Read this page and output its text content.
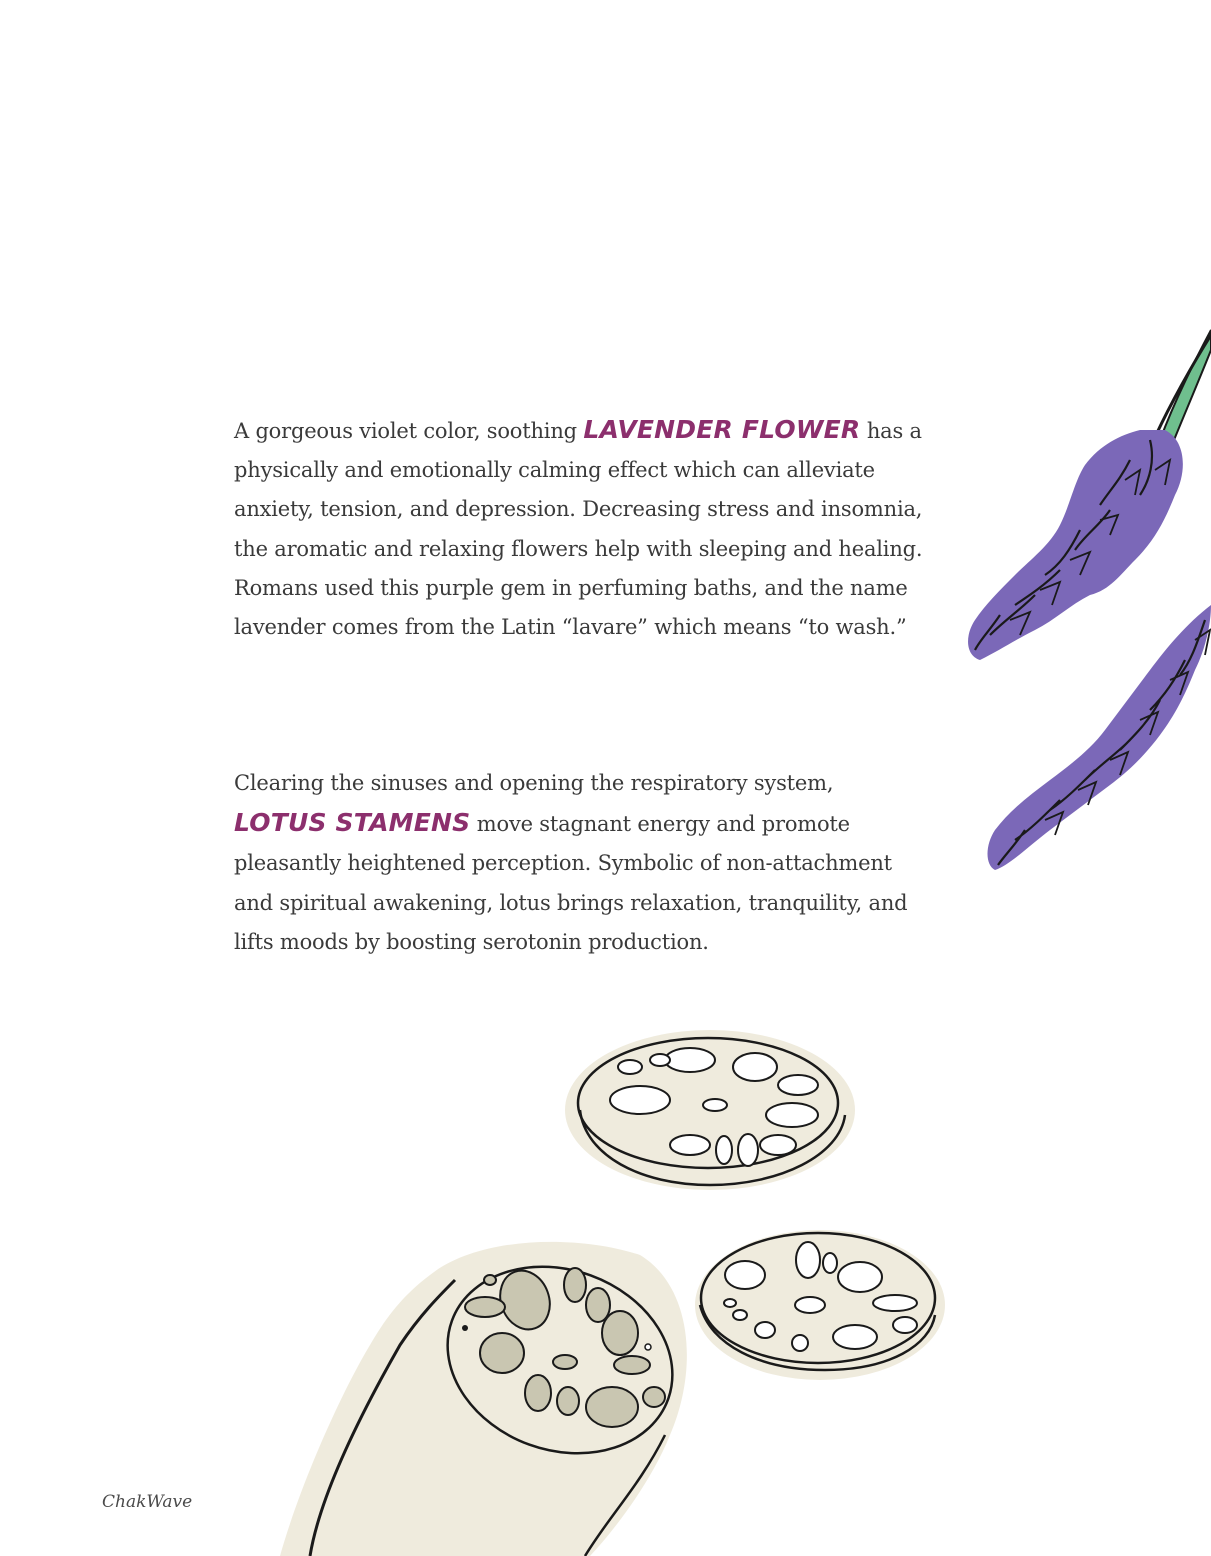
A gorgeous violet color, soothing LAVENDER FLOWER has a physically and emotionally calming effect which can alleviate anxiety, tension, and depression. Decreasing stress and insomnia, the aromatic and relaxing flowers help with sleeping and healing. Romans used this purple gem in perfuming baths, and the name lavender comes from the Latin “lavare” which means “to wash.”

Clearing the sinuses and opening the respiratory system,
LOTUS STAMENS move stagnant energy and promote pleasantly heightened perception. Symbolic of non-attachment and spiritual awakening, lotus brings relaxation, tranquility, and lifts moods by boosting serotonin production.

ChakWave
